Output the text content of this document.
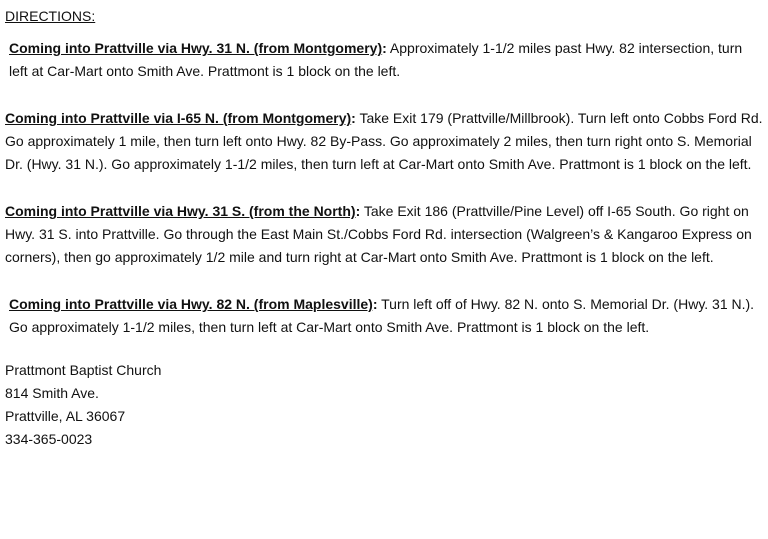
DIRECTIONS:
Coming into Prattville via Hwy. 31 N. (from Montgomery): Approximately 1-1/2 miles past Hwy. 82 intersection, turn left at Car-Mart onto Smith Ave. Prattmont is 1 block on the left.
Coming into Prattville via I-65 N. (from Montgomery): Take Exit 179 (Prattville/Millbrook). Turn left onto Cobbs Ford Rd. Go approximately 1 mile, then turn left onto Hwy. 82 By-Pass. Go approximately 2 miles, then turn right onto S. Memorial Dr. (Hwy. 31 N.). Go approximately 1-1/2 miles, then turn left at Car-Mart onto Smith Ave. Prattmont is 1 block on the left.
Coming into Prattville via Hwy. 31 S. (from the North): Take Exit 186 (Prattville/Pine Level) off I-65 South. Go right on Hwy. 31 S. into Prattville. Go through the East Main St./Cobbs Ford Rd. intersection (Walgreen’s & Kangaroo Express on corners), then go approximately 1/2 mile and turn right at Car-Mart onto Smith Ave. Prattmont is 1 block on the left.
Coming into Prattville via Hwy. 82 N. (from Maplesville): Turn left off of Hwy. 82 N. onto S. Memorial Dr. (Hwy. 31 N.). Go approximately 1-1/2 miles, then turn left at Car-Mart onto Smith Ave. Prattmont is 1 block on the left.
Prattmont Baptist Church
814 Smith Ave.
Prattville, AL 36067
334-365-0023
